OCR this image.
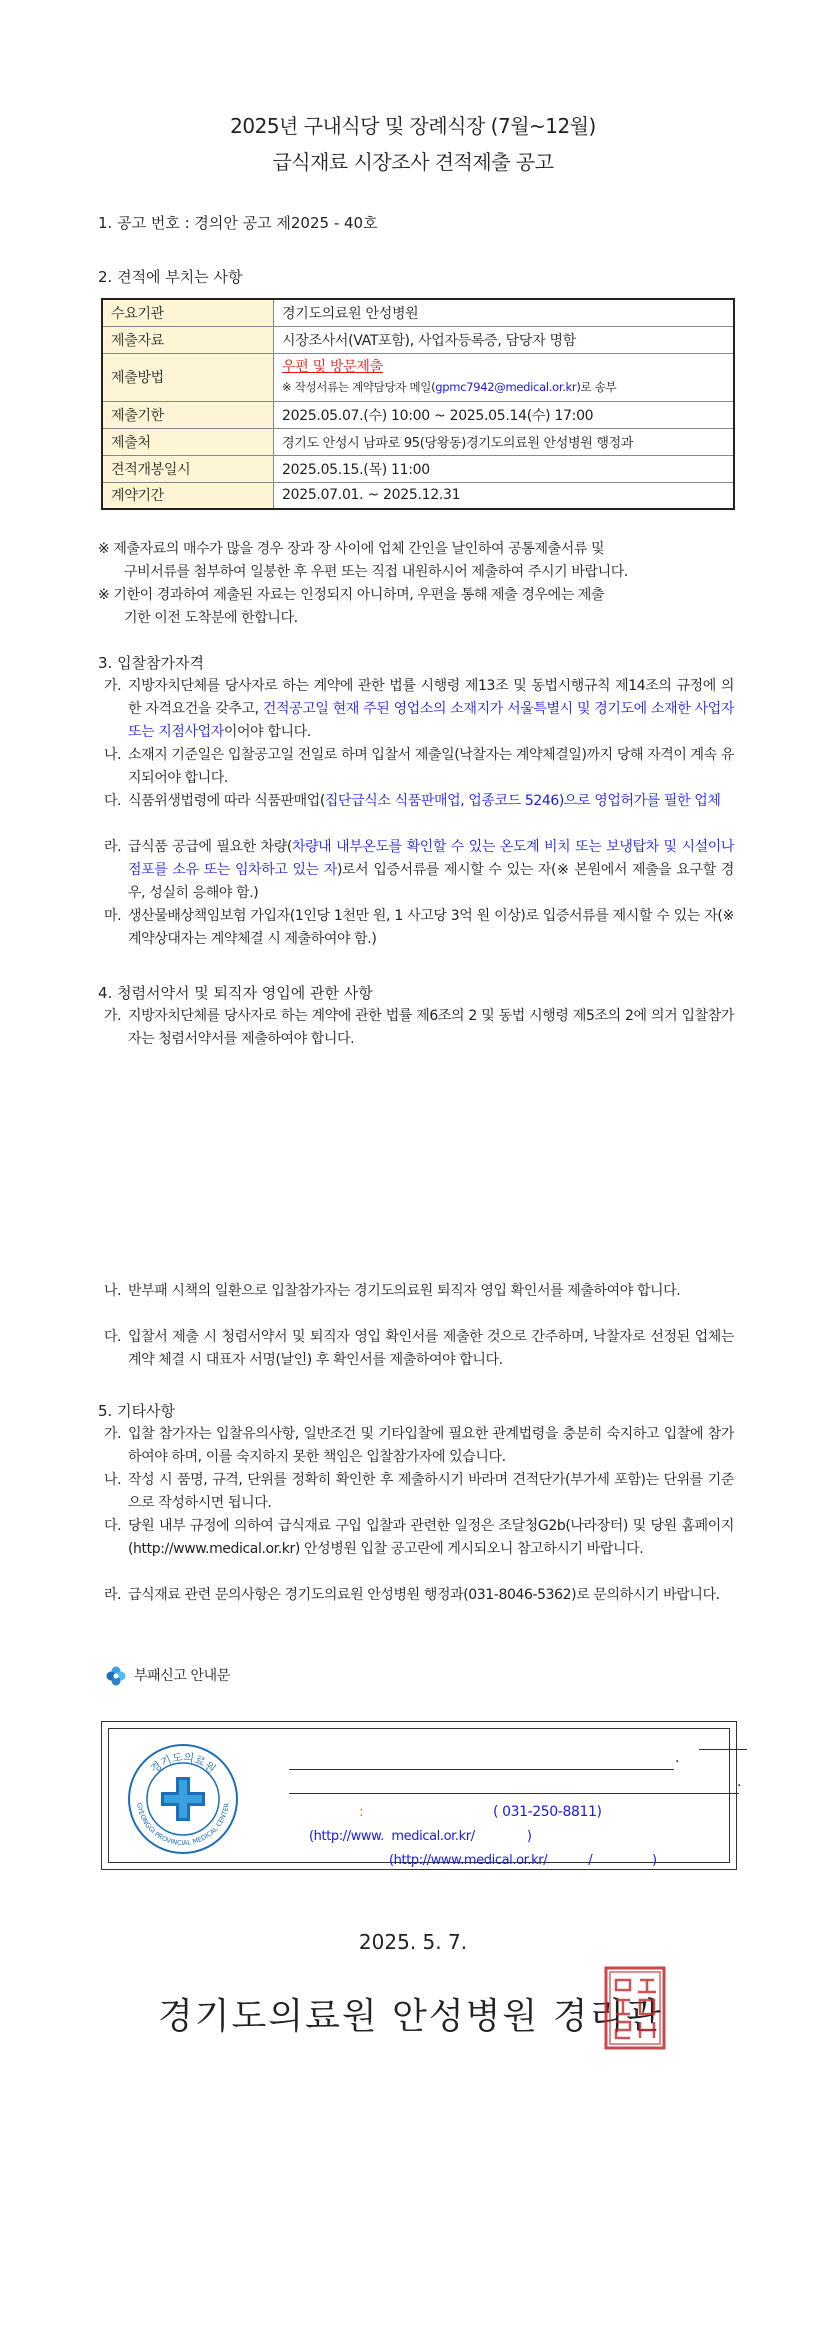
2025년 구내식당 및 장례식장 (7월~12월)
급식재료 시장조사 견적제출 공고
1. 공고 번호 : 경의안 공고 제2025 - 40호
2. 견적에 부치는 사항
수요기관	경기도의료원 안성병원
제출자료	시장조사서(VAT포함), 사업자등록증, 담당자 명함
제출방법	우편 및 방문제출
※ 작성서류는 계약담당자 메일(gpmc7942@medical.or.kr)로 송부

제출기한	2025.05.07.(수) 10:00 ~ 2025.05.14(수) 17:00
제출처	경기도 안성시 남파로 95(당왕동)경기도의료원 안성병원 행정과
견적개봉일시	2025.05.15.(목) 11:00
계약기간	2025.07.01. ~ 2025.12.31
※ 제출자료의 매수가 많을 경우 장과 장 사이에 업체 간인을 날인하여 공통제출서류 및
구비서류를 첨부하여 일붕한 후 우편 또는 직접 내원하시어 제출하여 주시기 바랍니다.
※ 기한이 경과하여 제출된 자료는 인정되지 아니하며, 우편을 통해 제출 경우에는 제출
기한 이전 도착분에 한합니다.
3. 입찰참가자격
가. 지방자치단체를 당사자로 하는 계약에 관한 법률 시행령 제13조 및 동법시행규칙 제14조의 규정에 의한 자격요건을 갖추고, 건적공고일 현재 주된 영업소의 소재지가 서울특별시 및 경기도에 소재한 사업자 또는 지점사업자이어야 합니다.
나. 소재지 기준일은 입찰공고일 전일로 하며 입찰서 제출일(낙찰자는 계약체결일)까지 당해 자격이 계속 유지되어야 합니다.
다. 식품위생법령에 따라 식품판매업(집단급식소 식품판매업, 업종코드 5246)으로 영업허가를 필한 업체
라. 급식품 공급에 필요한 차량(차량내 내부온도를 확인할 수 있는 온도계 비치 또는 보냉탑차 및 시설이나 점포를 소유 또는 임차하고 있는 자)로서 입증서류를 제시할 수 있는 자(※ 본원에서 제출을 요구할 경우, 성실히 응해야 함.)
마. 생산물배상책임보험 가입자(1인당 1천만 원, 1 사고당 3억 원 이상)로 입증서류를 제시할 수 있는 자(※ 계약상대자는 계약체결 시 제출하여야 함.)
4. 청렴서약서 및 퇴직자 영입에 관한 사항
가. 지방자치단체를 당사자로 하는 계약에 관한 법률 제6조의 2 및 동법 시행령 제5조의 2에 의거 입찰참가자는 청렴서약서를 제출하여야 합니다.
나. 반부패 시책의 일환으로 입찰참가자는 경기도의료원 퇴직자 영입 확인서를 제출하여야 합니다.
다. 입찰서 제출 시 청렴서약서 및 퇴직자 영입 확인서를 제출한 것으로 간주하며, 낙찰자로 선정된 업체는 계약 체결 시 대표자 서명(날인) 후 확인서를 제출하여야 합니다.
5. 기타사항
가. 입찰 참가자는 입찰유의사항, 일반조건 및 기타입찰에 필요한 관계법령을 충분히 숙지하고 입찰에 참가하여야 하며, 이를 숙지하지 못한 책임은 입찰참가자에 있습니다.
나. 작성 시 품명, 규격, 단위를 정확히 확인한 후 제출하시기 바라며 견적단가(부가세 포함)는 단위를 기준으로 작성하시면 됩니다.
다. 당원 내부 규정에 의하여 급식재료 구입 입찰과 관련한 일정은 조달청G2b(나라장터) 및 당원 홈페이지(http://www.medical.or.kr) 안성병원 입찰 공고란에 게시되오니 참고하시기 바랍니다.
라. 급식재료 관련 문의사항은 경기도의료원 안성병원 행정과(031-8046-5362)로 문의하시기 바랍니다.
부패신고 안내문
경기도의료원
GYEONGGI PROVINCIAL MEDICAL CENTER
.
.
:	( 031-250-8811)
(http://www.  medical.or.kr/              )
(http://www.medical.or.kr/           /                )
2025. 5. 7.
경기도의료원 안성병원 경리관
